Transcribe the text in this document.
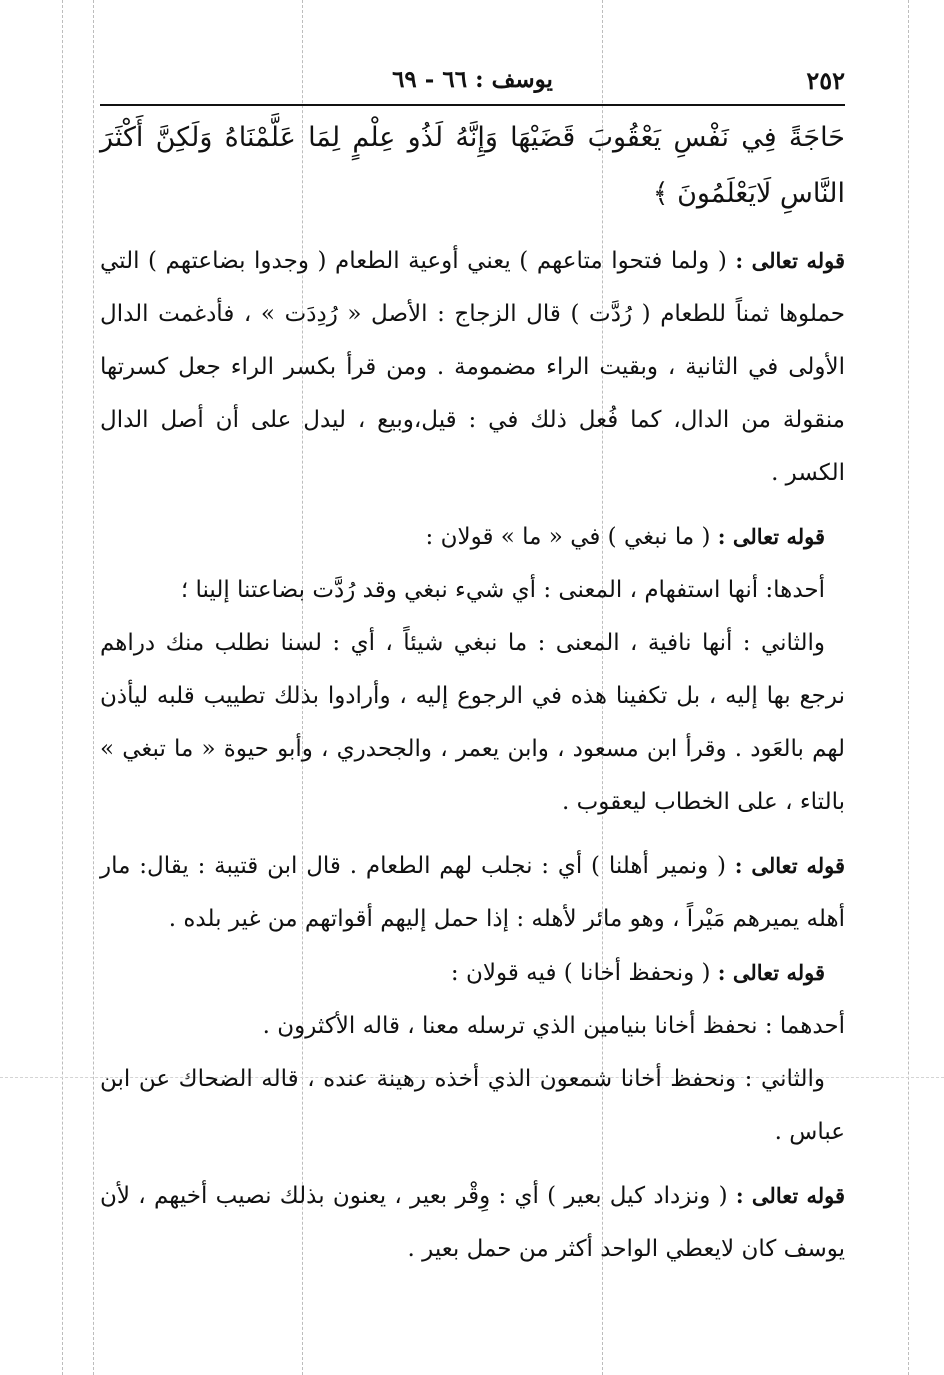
٢٥٢
يوسف : ٦٦ - ٦٩

حَاجَةً فِي نَفْسِ يَعْقُوبَ قَضَيْهَا وَإِنَّهُ لَذُو عِلْمٍ لِمَا عَلَّمْنَاهُ وَلَكِنَّ أَكْثَرَ النَّاسِ لَايَعْلَمُونَ ﴾

قوله تعالى : ( ولما فتحوا متاعهم ) يعني أوعية الطعام ( وجدوا بضاعتهم ) التي حملوها ثمناً للطعام ( رُدَّت ) قال الزجاج : الأصل « رُدِدَت » ، فأدغمت الدال الأولى في الثانية ، وبقيت الراء مضمومة . ومن قرأ بكسر الراء جعل كسرتها منقولة من الدال، كما فُعل ذلك في : قيل،وبيع ، ليدل على أن أصل الدال الكسر .

قوله تعالى : ( ما نبغي ) في « ما » قولان :

أحدها: أنها استفهام ، المعنى : أي شيء نبغي وقد رُدَّت بضاعتنا إلينا ؛

والثاني : أنها نافية ، المعنى : ما نبغي شيئاً ، أي : لسنا نطلب منك دراهم نرجع بها إليه ، بل تكفينا هذه في الرجوع إليه ، وأرادوا بذلك تطييب قلبه ليأذن لهم بالعَود . وقرأ ابن مسعود ، وابن يعمر ، والجحدري ، وأبو حيوة « ما تبغي » بالتاء ، على الخطاب ليعقوب .

قوله تعالى : ( ونمير أهلنا ) أي : نجلب لهم الطعام . قال ابن قتيبة : يقال: مار أهله يميرهم مَيْراً ، وهو مائر لأهله : إذا حمل إليهم أقواتهم من غير بلده .

قوله تعالى : ( ونحفظ أخانا ) فيه قولان :

أحدهما : نحفظ أخانا بنيامين الذي ترسله معنا ، قاله الأكثرون .

والثاني : ونحفظ أخانا شمعون الذي أخذه رهينة عنده ، قاله الضحاك عن ابن عباس .

قوله تعالى : ( ونزداد كيل بعير ) أي : وِقْر بعير ، يعنون بذلك نصيب أخيهم ، لأن يوسف كان لايعطي الواحد أكثر من حمل بعير .
